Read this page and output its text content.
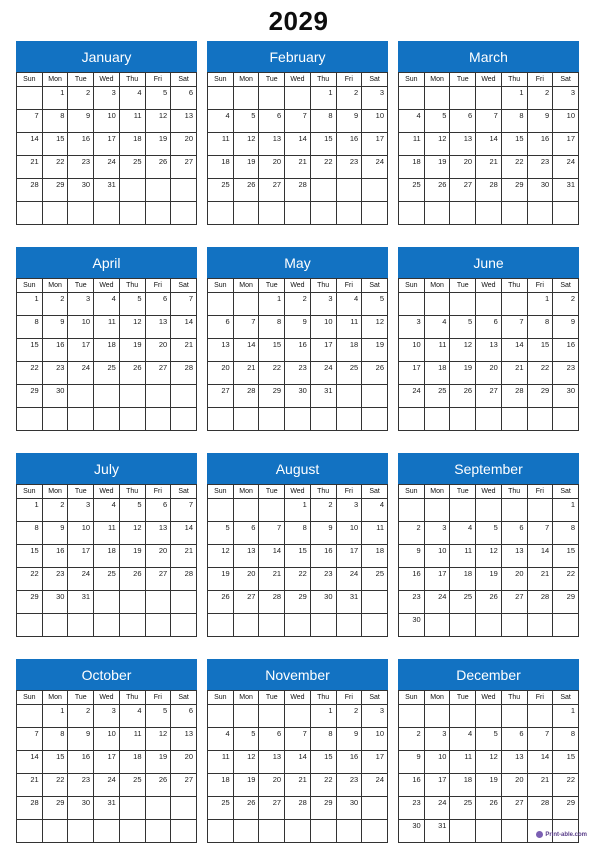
2029
January
Sun	Mon	Tue	Wed	Thu	Fri	Sat

	1	2	3	4	5	6

7	8	9	10	11	12	13

14	15	16	17	18	19	20

21	22	23	24	25	26	27

28	29	30	31			

February
Sun	Mon	Tue	Wed	Thu	Fri	Sat

				1	2	3

4	5	6	7	8	9	10

11	12	13	14	15	16	17

18	19	20	21	22	23	24

25	26	27	28			

March
Sun	Mon	Tue	Wed	Thu	Fri	Sat

				1	2	3

4	5	6	7	8	9	10

11	12	13	14	15	16	17

18	19	20	21	22	23	24

25	26	27	28	29	30	31

April
Sun	Mon	Tue	Wed	Thu	Fri	Sat

1	2	3	4	5	6	7

8	9	10	11	12	13	14

15	16	17	18	19	20	21

22	23	24	25	26	27	28

29	30					

May
Sun	Mon	Tue	Wed	Thu	Fri	Sat

		1	2	3	4	5

6	7	8	9	10	11	12

13	14	15	16	17	18	19

20	21	22	23	24	25	26

27	28	29	30	31		

June
Sun	Mon	Tue	Wed	Thu	Fri	Sat

					1	2

3	4	5	6	7	8	9

10	11	12	13	14	15	16

17	18	19	20	21	22	23

24	25	26	27	28	29	30

July
Sun	Mon	Tue	Wed	Thu	Fri	Sat

1	2	3	4	5	6	7

8	9	10	11	12	13	14

15	16	17	18	19	20	21

22	23	24	25	26	27	28

29	30	31				

August
Sun	Mon	Tue	Wed	Thu	Fri	Sat

			1	2	3	4

5	6	7	8	9	10	11

12	13	14	15	16	17	18

19	20	21	22	23	24	25

26	27	28	29	30	31	

September
Sun	Mon	Tue	Wed	Thu	Fri	Sat

						1

2	3	4	5	6	7	8

9	10	11	12	13	14	15

16	17	18	19	20	21	22

23	24	25	26	27	28	29

30						

October
Sun	Mon	Tue	Wed	Thu	Fri	Sat

	1	2	3	4	5	6

7	8	9	10	11	12	13

14	15	16	17	18	19	20

21	22	23	24	25	26	27

28	29	30	31			

November
Sun	Mon	Tue	Wed	Thu	Fri	Sat

				1	2	3

4	5	6	7	8	9	10

11	12	13	14	15	16	17

18	19	20	21	22	23	24

25	26	27	28	29	30	

December
Sun	Mon	Tue	Wed	Thu	Fri	Sat

						1

2	3	4	5	6	7	8

9	10	11	12	13	14	15

16	17	18	19	20	21	22

23	24	25	26	27	28	29

30	31					

Print-able.com
